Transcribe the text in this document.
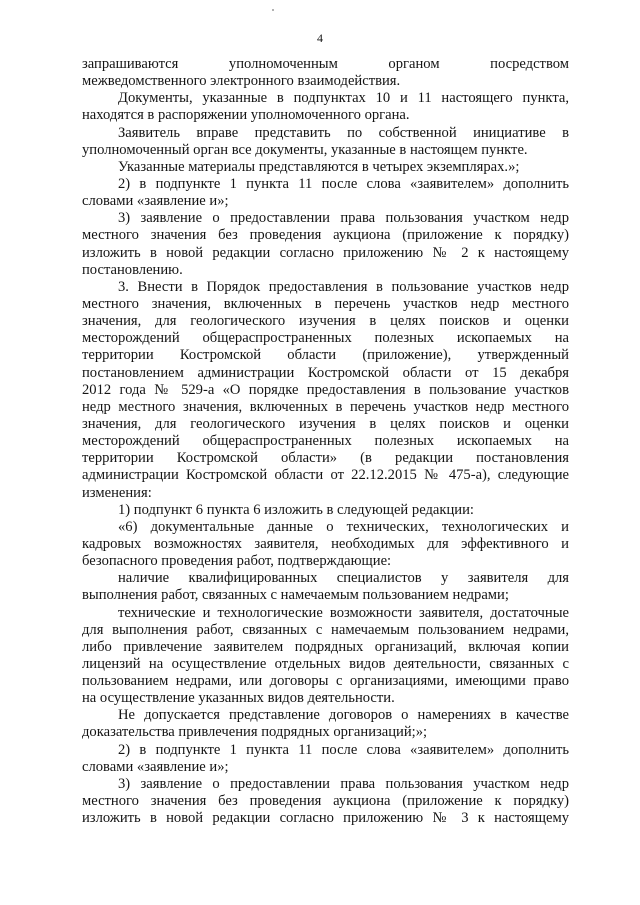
4
запрашиваются уполномоченным органом посредством
межведомственного электронного взаимодействия.
Документы, указанные в подпунктах 10 и 11 настоящего пункта,
находятся в распоряжении уполномоченного органа.
Заявитель вправе представить по собственной инициативе в
уполномоченный орган все документы, указанные в настоящем пункте.
Указанные материалы представляются в четырех экземплярах.»;
2) в подпункте 1 пункта 11 после слова «заявителем» дополнить
словами «заявление и»;
3) заявление о предоставлении права пользования участком недр
местного значения без проведения аукциона (приложение к порядку)
изложить в новой редакции согласно приложению № 2 к настоящему
постановлению.
3. Внести в Порядок предоставления в пользование участков недр
местного значения, включенных в перечень участков недр местного
значения, для геологического изучения в целях поисков и оценки
месторождений общераспространенных полезных ископаемых на
территории Костромской области (приложение), утвержденный
постановлением администрации Костромской области от 15 декабря
2012 года № 529-а «О порядке предоставления в пользование участков
недр местного значения, включенных в перечень участков недр местного
значения, для геологического изучения в целях поисков и оценки
месторождений общераспространенных полезных ископаемых на
территории Костромской области» (в редакции постановления
администрации Костромской области от 22.12.2015 № 475-а), следующие
изменения:
1) подпункт 6 пункта 6 изложить в следующей редакции:
«6) документальные данные о технических, технологических и
кадровых возможностях заявителя, необходимых для эффективного и
безопасного проведения работ, подтверждающие:
наличие квалифицированных специалистов у заявителя для
выполнения работ, связанных с намечаемым пользованием недрами;
технические и технологические возможности заявителя, достаточные
для выполнения работ, связанных с намечаемым пользованием недрами,
либо привлечение заявителем подрядных организаций, включая копии
лицензий на осуществление отдельных видов деятельности, связанных с
пользованием недрами, или договоры с организациями, имеющими право
на осуществление указанных видов деятельности.
Не допускается представление договоров о намерениях в качестве
доказательства привлечения подрядных организаций;»;
2) в подпункте 1 пункта 11 после слова «заявителем» дополнить
словами «заявление и»;
3) заявление о предоставлении права пользования участком недр
местного значения без проведения аукциона (приложение к порядку)
изложить в новой редакции согласно приложению № 3 к настоящему
